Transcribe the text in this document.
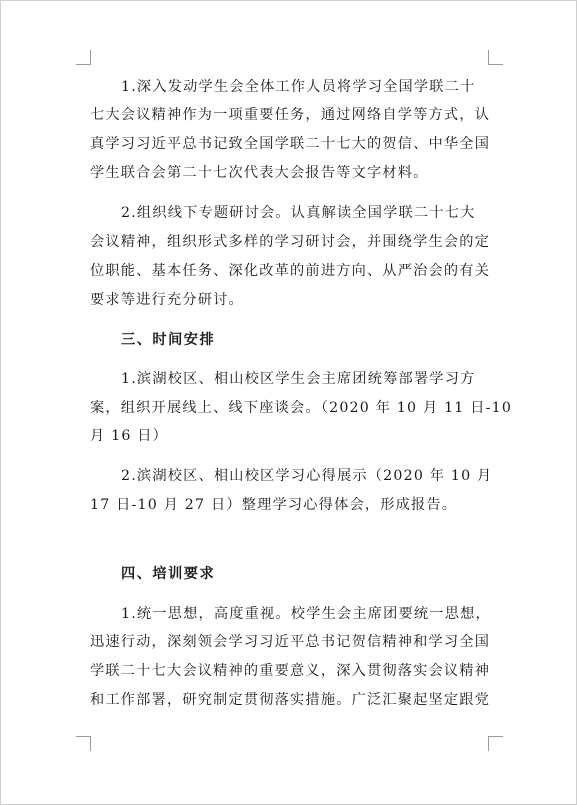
1.深入发动学生会全体工作人员将学习全国学联二十
七大会议精神作为一项重要任务，通过网络自学等方式，认
真学习习近平总书记致全国学联二十七大的贺信、中华全国
学生联合会第二十七次代表大会报告等文字材料。
2.组织线下专题研讨会。认真解读全国学联二十七大
会议精神，组织形式多样的学习研讨会，并围绕学生会的定
位职能、基本任务、深化改革的前进方向、从严治会的有关
要求等进行充分研讨。
三、时间安排
1.滨湖校区、相山校区学生会主席团统筹部署学习方
案，组织开展线上、线下座谈会。（2020 年 10 月 11 日-10
月 16 日）
2.滨湖校区、相山校区学习心得展示（2020 年 10 月
17 日-10 月 27 日）整理学习心得体会，形成报告。
四、培训要求
1.统一思想，高度重视。校学生会主席团要统一思想，
迅速行动，深刻领会学习习近平总书记贺信精神和学习全国
学联二十七大会议精神的重要意义，深入贯彻落实会议精神
和工作部署，研究制定贯彻落实措施。广泛汇聚起坚定跟党
